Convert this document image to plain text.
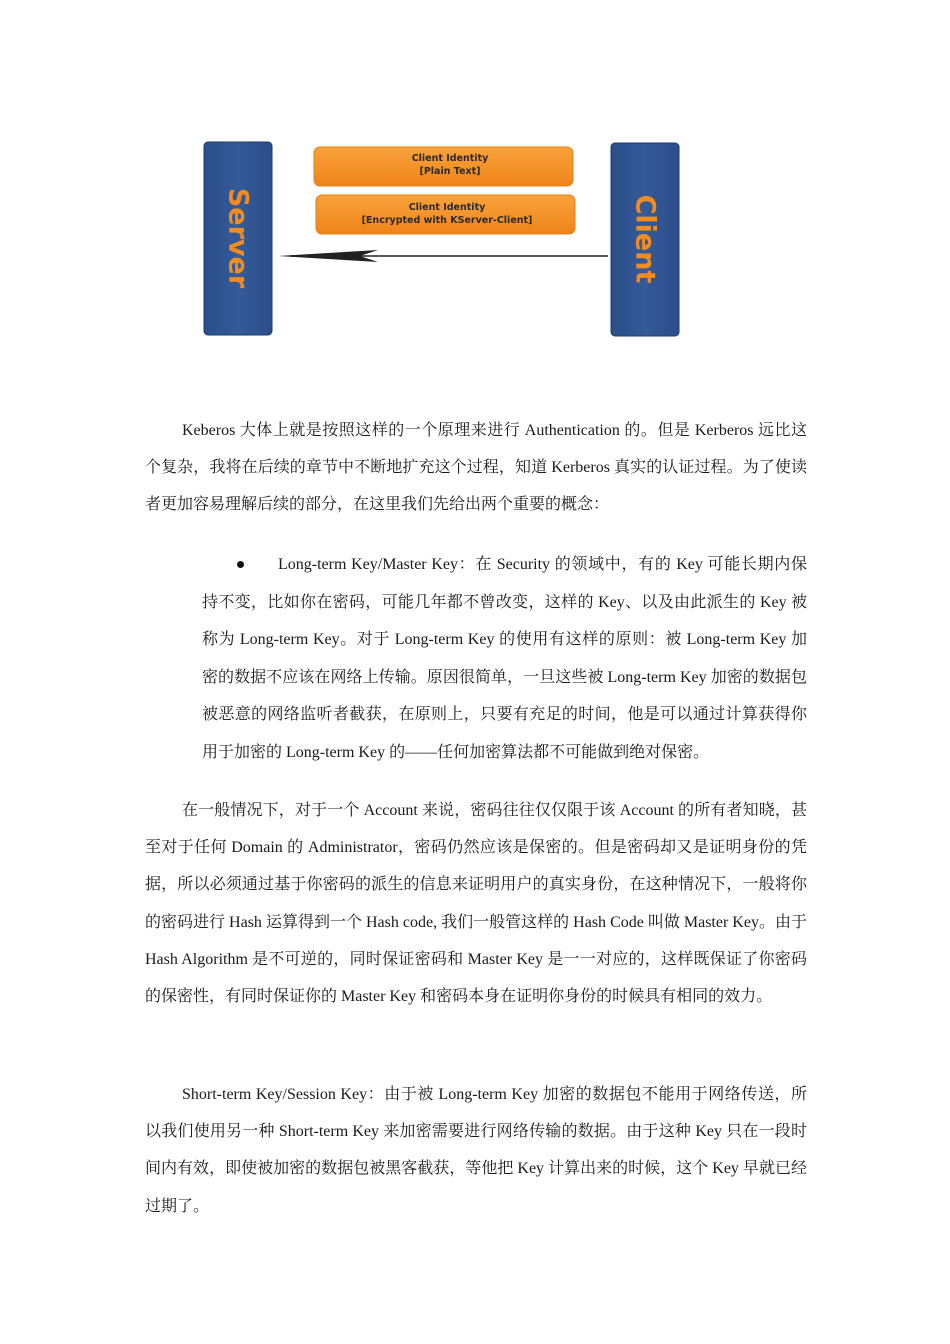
Server	Client
Client Identity
[Plain Text]
Client Identity
[Encrypted with KServer-Client]

Keberos 大体上就是按照这样的一个原理来进行 Authentication 的。但是 Kerberos 远比这个复杂，我将在后续的章节中不断地扩充这个过程，知道 Kerberos 真实的认证过程。为了使读者更加容易理解后续的部分，在这里我们先给出两个重要的概念：

Long-term Key/Master Key：在 Security 的领域中，有的 Key 可能长期内保持不变，比如你在密码，可能几年都不曾改变，这样的 Key、以及由此派生的 Key 被称为 Long-term Key。对于 Long-term Key 的使用有这样的原则：被 Long-term Key 加密的数据不应该在网络上传输。原因很简单，一旦这些被 Long-term Key 加密的数据包被恶意的网络监听者截获，在原则上，只要有充足的时间，他是可以通过计算获得你用于加密的 Long-term Key 的——任何加密算法都不可能做到绝对保密。

在一般情况下，对于一个 Account 来说，密码往往仅仅限于该 Account 的所有者知晓，甚至对于任何 Domain 的 Administrator，密码仍然应该是保密的。但是密码却又是证明身份的凭据，所以必须通过基于你密码的派生的信息来证明用户的真实身份，在这种情况下，一般将你的密码进行 Hash 运算得到一个 Hash code, 我们一般管这样的 Hash Code 叫做 Master Key。由于 Hash Algorithm 是不可逆的，同时保证密码和 Master Key 是一一对应的，这样既保证了你密码的保密性，有同时保证你的 Master Key 和密码本身在证明你身份的时候具有相同的效力。

Short-term Key/Session Key：由于被 Long-term Key 加密的数据包不能用于网络传送，所以我们使用另一种 Short-term Key 来加密需要进行网络传输的数据。由于这种 Key 只在一段时间内有效，即使被加密的数据包被黑客截获，等他把 Key 计算出来的时候，这个 Key 早就已经过期了。
